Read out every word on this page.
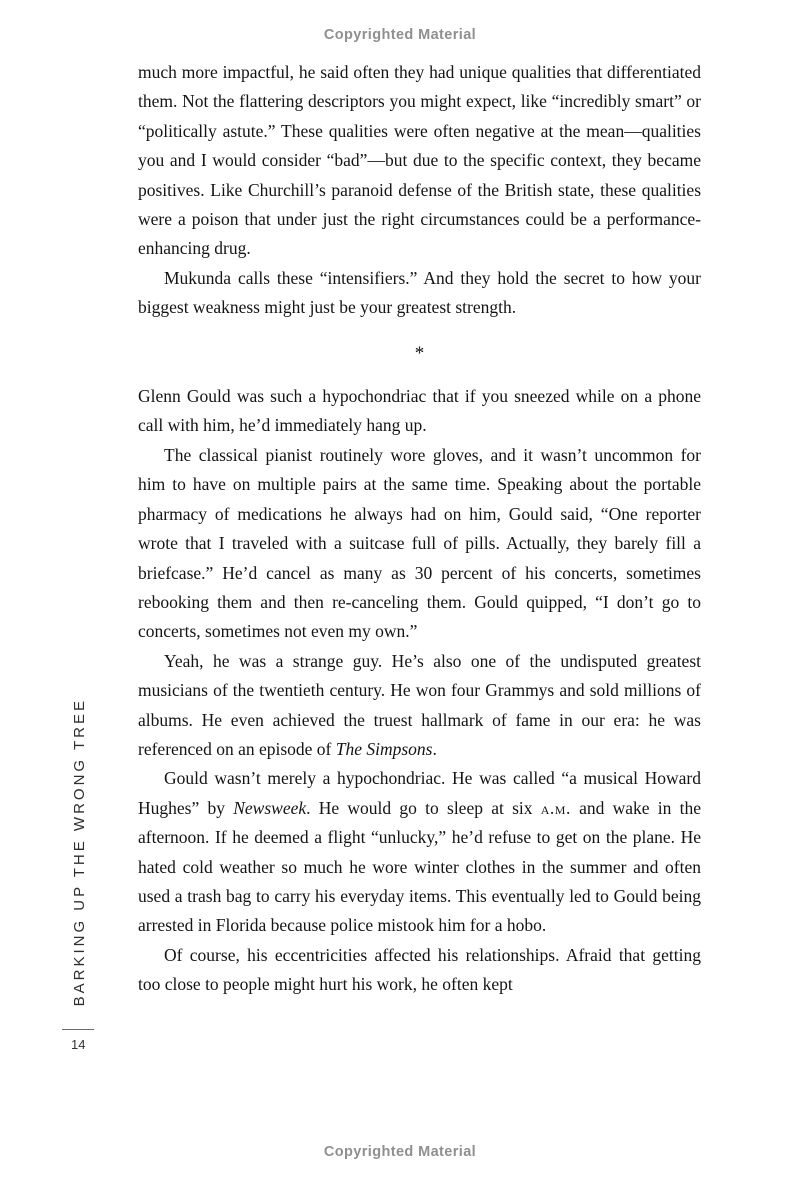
Copyrighted Material

much more impactful, he said often they had unique qualities that differentiated them. Not the flattering descriptors you might expect, like “incredibly smart” or “politically astute.” These qualities were often negative at the mean—qualities you and I would consider “bad”—but due to the specific context, they became positives. Like Churchill’s paranoid defense of the British state, these qualities were a poison that under just the right circumstances could be a performance-enhancing drug.

Mukunda calls these “intensifiers.” And they hold the secret to how your biggest weakness might just be your greatest strength.

*

Glenn Gould was such a hypochondriac that if you sneezed while on a phone call with him, he’d immediately hang up.

The classical pianist routinely wore gloves, and it wasn’t uncommon for him to have on multiple pairs at the same time. Speaking about the portable pharmacy of medications he always had on him, Gould said, “One reporter wrote that I traveled with a suitcase full of pills. Actually, they barely fill a briefcase.” He’d cancel as many as 30 percent of his concerts, sometimes rebooking them and then re-canceling them. Gould quipped, “I don’t go to concerts, sometimes not even my own.”

Yeah, he was a strange guy. He’s also one of the undisputed greatest musicians of the twentieth century. He won four Grammys and sold millions of albums. He even achieved the truest hallmark of fame in our era: he was referenced on an episode of The Simpsons.

Gould wasn’t merely a hypochondriac. He was called “a musical Howard Hughes” by Newsweek. He would go to sleep at six a.m. and wake in the afternoon. If he deemed a flight “unlucky,” he’d refuse to get on the plane. He hated cold weather so much he wore winter clothes in the summer and often used a trash bag to carry his everyday items. This eventually led to Gould being arrested in Florida because police mistook him for a hobo.

Of course, his eccentricities affected his relationships. Afraid that getting too close to people might hurt his work, he often kept

BARKING UP THE WRONG TREE
14
Copyrighted Material
